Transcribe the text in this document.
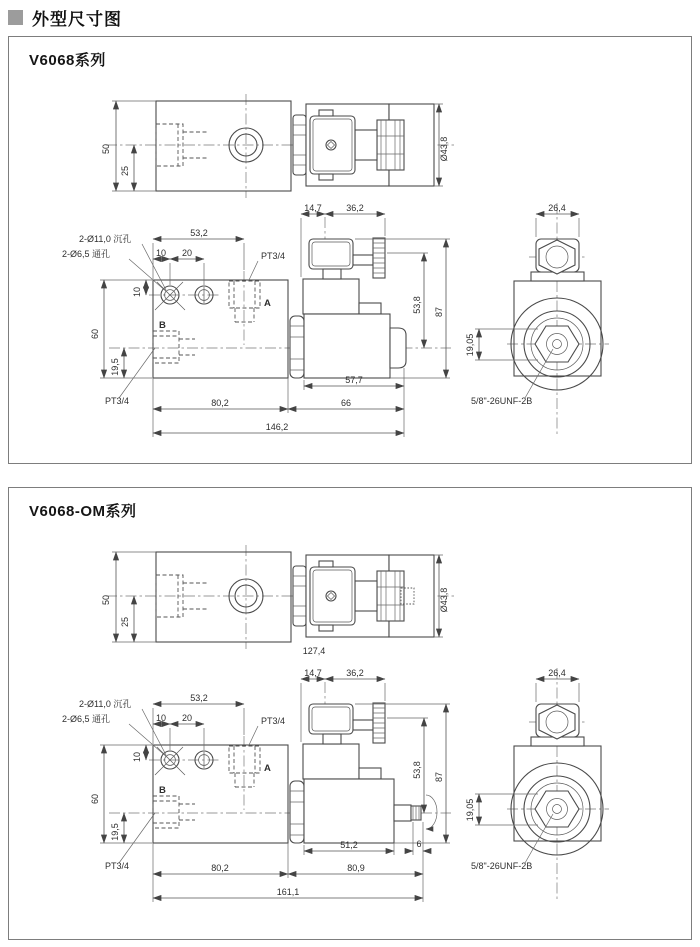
外型尺寸图
V6068系列
50
25
Ø43,8
2-Ø11,0 沉孔
2-Ø6,5 通孔
53,2
10 20	PT3/4
A
B
10
60
19,5
PT3/4
14,7	36,2
53,8 87
57,7
80,2	66
146,2
26,4
19,05
5/8"-26UNF-2B
V6068-OM系列
50
25
Ø43,8
127,4
2-Ø11,0 沉孔
2-Ø6,5 通孔
53,2
10 20	PT3/4
A
B
10
60
19,5
PT3/4
14,7	36,2
53,8 87
51,2	6
80,2	80,9
161,1
26,4
19,05
5/8"-26UNF-2B
